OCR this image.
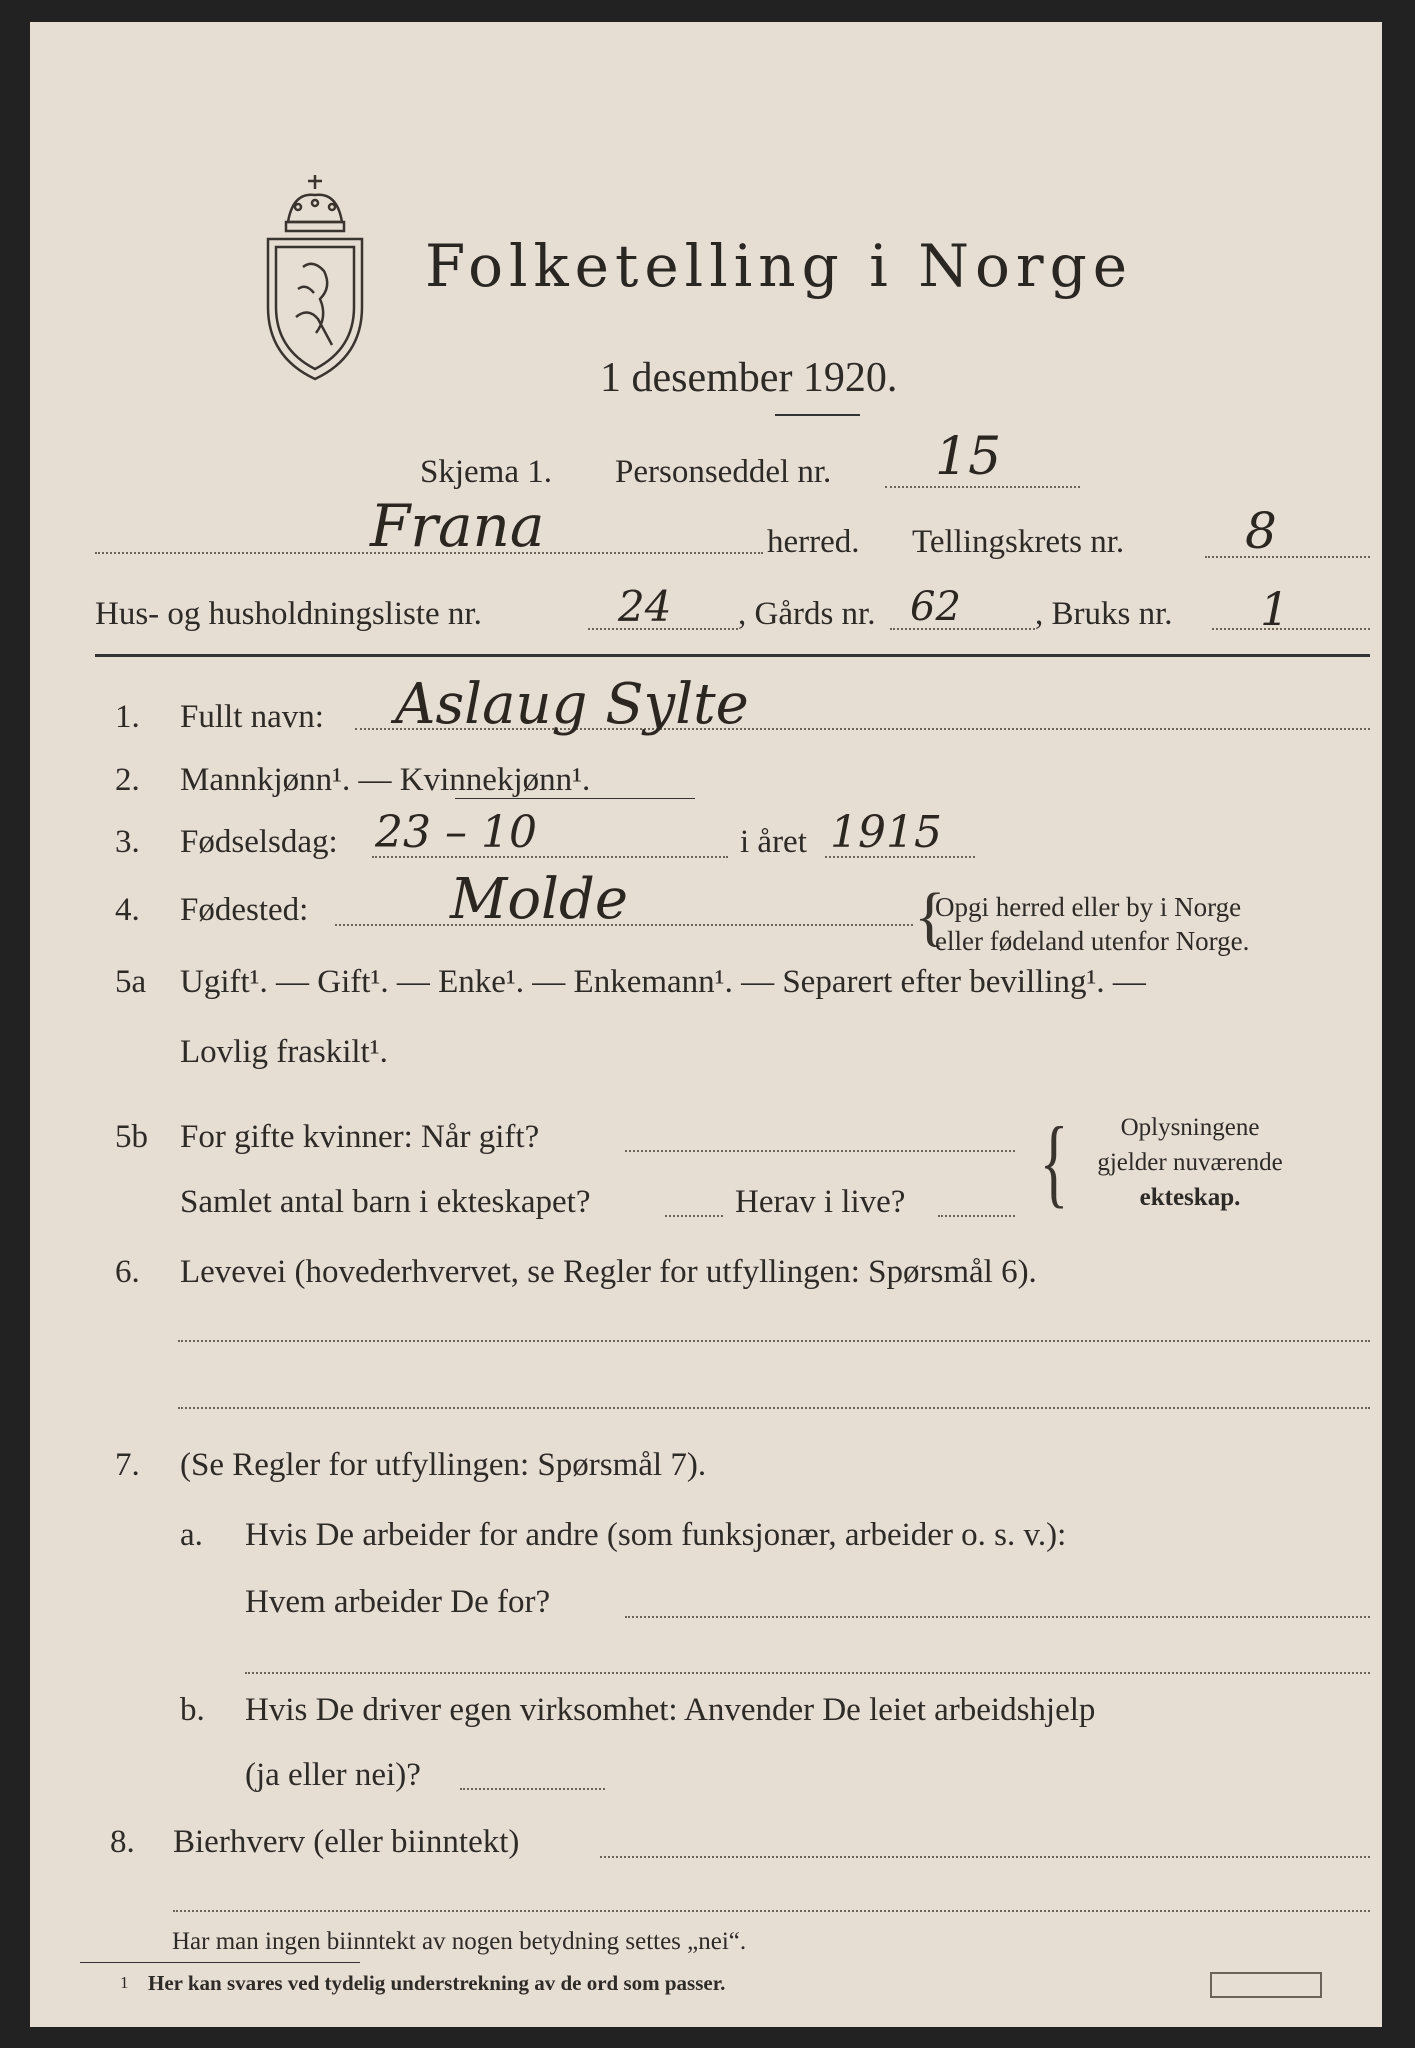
Folketelling i Norge
1 desember 1920.
Skjema 1. Personseddel nr. 15
Frana	herred. Tellingskrets nr. 8
Hus- og husholdningsliste nr.	24 , Gårds nr. 62 , Bruks nr. 1
1. Fullt navn: Aslaug Sylte
2. Mannkjønn¹. — Kvinnekjønn¹.
3. Fødselsdag: 23 – 10	i året 1915
4. Fødested:	Molde	{
Opgi herred eller by i Norge
eller fødeland utenfor Norge.
5a Ugift¹. — Gift¹. — Enke¹. — Enkemann¹. — Separert efter bevilling¹. —
Lovlig fraskilt¹.
5b For gifte kvinner: Når gift?
Samlet antal barn i ekteskapet?	Herav i live? {	Oplysningene
gjelder nuværende
ekteskap.
6. Levevei (hovederhvervet, se Regler for utfyllingen: Spørsmål 6).
7. (Se Regler for utfyllingen: Spørsmål 7).
a. Hvis De arbeider for andre (som funksjonær, arbeider o. s. v.):
Hvem arbeider De for?
b. Hvis De driver egen virksomhet: Anvender De leiet arbeidshjelp
(ja eller nei)?
8. Bierhverv (eller biinntekt)
Har man ingen biinntekt av nogen betydning settes „nei“.
1 Her kan svares ved tydelig understrekning av de ord som passer.
